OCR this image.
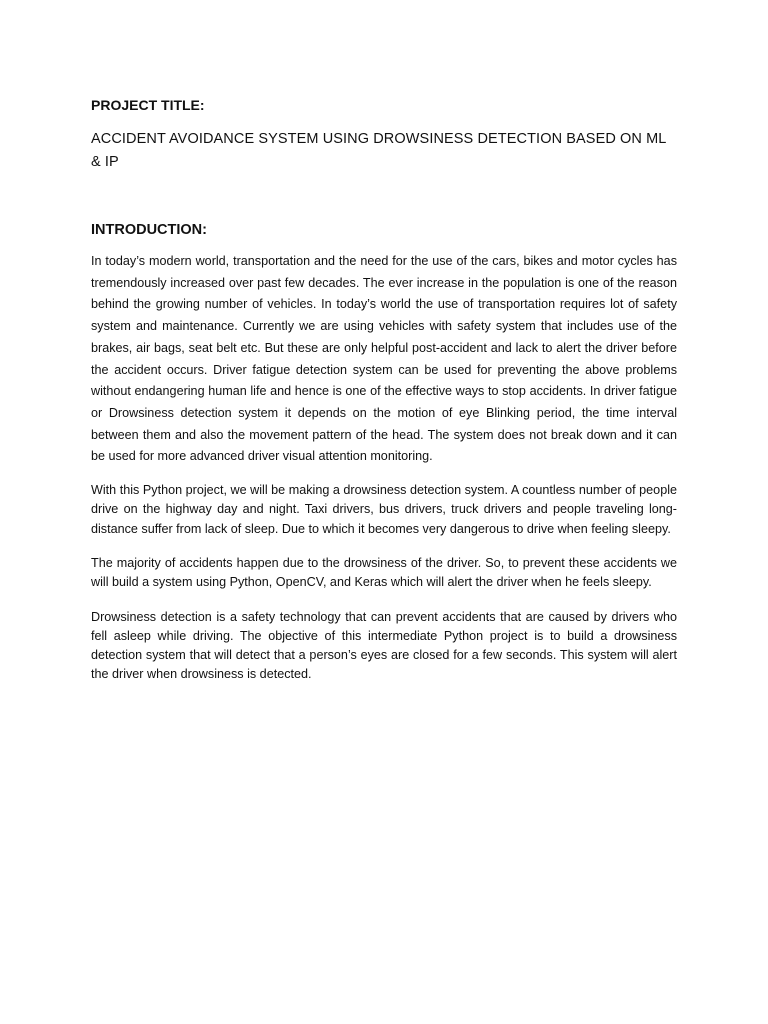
PROJECT TITLE:
ACCIDENT AVOIDANCE SYSTEM USING DROWSINESS DETECTION BASED ON ML & IP
INTRODUCTION:

In today’s modern world, transportation and the need for the use of the cars, bikes and motor cycles has tremendously increased over past few decades. The ever increase in the population is one of the reason behind the growing number of vehicles. In today’s world the use of transportation requires lot of safety system and maintenance. Currently we are using vehicles with safety system that includes use of the brakes, air bags, seat belt etc. But these are only helpful post-accident and lack to alert the driver before the accident occurs. Driver fatigue detection system can be used for preventing the above problems without endangering human life and hence is one of the effective ways to stop accidents. In driver fatigue or Drowsiness detection system it depends on the motion of eye Blinking period, the time interval between them and also the movement pattern of the head. The system does not break down and it can be used for more advanced driver visual attention monitoring.

With this Python project, we will be making a drowsiness detection system. A countless number of people drive on the highway day and night. Taxi drivers, bus drivers, truck drivers and people traveling long-distance suffer from lack of sleep. Due to which it becomes very dangerous to drive when feeling sleepy.

The majority of accidents happen due to the drowsiness of the driver. So, to prevent these accidents we will build a system using Python, OpenCV, and Keras which will alert the driver when he feels sleepy.

Drowsiness detection is a safety technology that can prevent accidents that are caused by drivers who fell asleep while driving. The objective of this intermediate Python project is to build a drowsiness detection system that will detect that a person’s eyes are closed for a few seconds. This system will alert the driver when drowsiness is detected.
